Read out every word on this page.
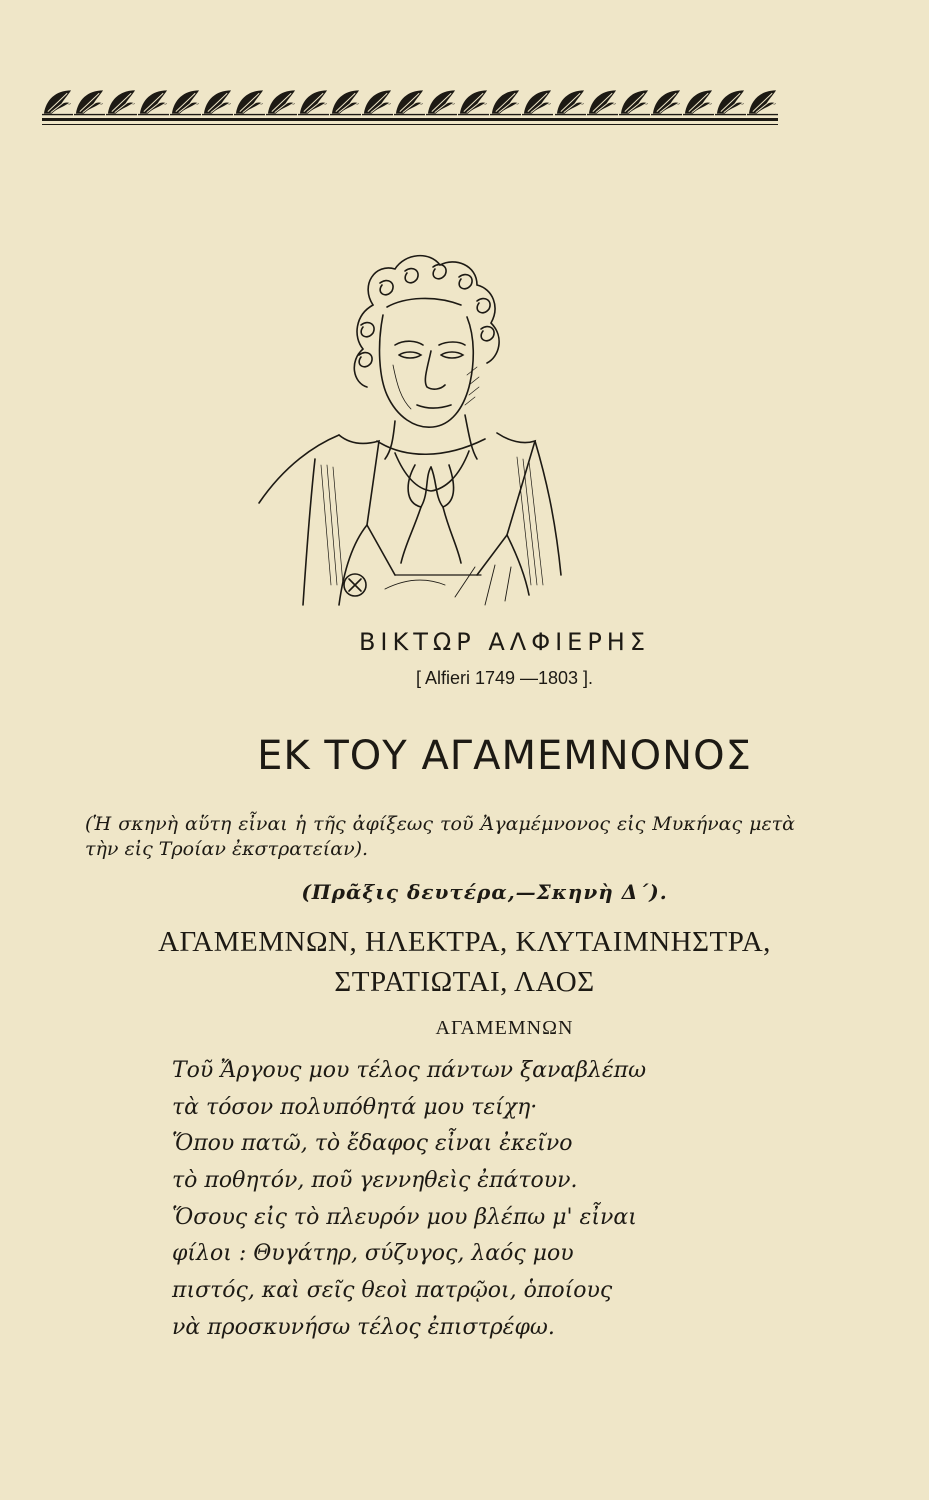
ΒΙΚΤΩΡ ΑΛΦΙΕΡΗΣ
[ Alfieri 1749 —1803 ].
ΕΚ ΤΟΥ ΑΓΑΜΕΜΝΟΝΟΣ
(Ἡ σκηνὴ αὕτη εἶναι ἡ τῆς ἀφίξεως τοῦ Ἀγαμέμνονος εἰς Μυκήνας μετὰ τὴν εἰς Τροίαν ἐκστρατείαν).
(Πρᾶξις δευτέρα,—Σκηνὴ Δ΄).
ΑΓΑΜΕΜΝΩΝ, ΗΛΕΚΤΡΑ, ΚΛΥΤΑΙΜΝΗΣΤΡΑ,
ΣΤΡΑΤΙΩΤΑΙ, ΛΑΟΣ
ΑΓΑΜΕΜΝΩΝ
Τοῦ Ἄργους μου τέλος πάντων ξαναβλέπω
τὰ τόσον πολυπόθητά μου τείχη·
Ὅπου πατῶ, τὸ ἔδαφος εἶναι ἐκεῖνο
τὸ ποθητόν, ποῦ γεννηθεὶς ἐπάτουν.
Ὅσους εἰς τὸ πλευρόν μου βλέπω μ' εἶναι
φίλοι : Θυγάτηρ, σύζυγος, λαός μου
πιστός, καὶ σεῖς θεοὶ πατρῷοι, ὁποίους
νὰ προσκυνήσω τέλος ἐπιστρέφω.
